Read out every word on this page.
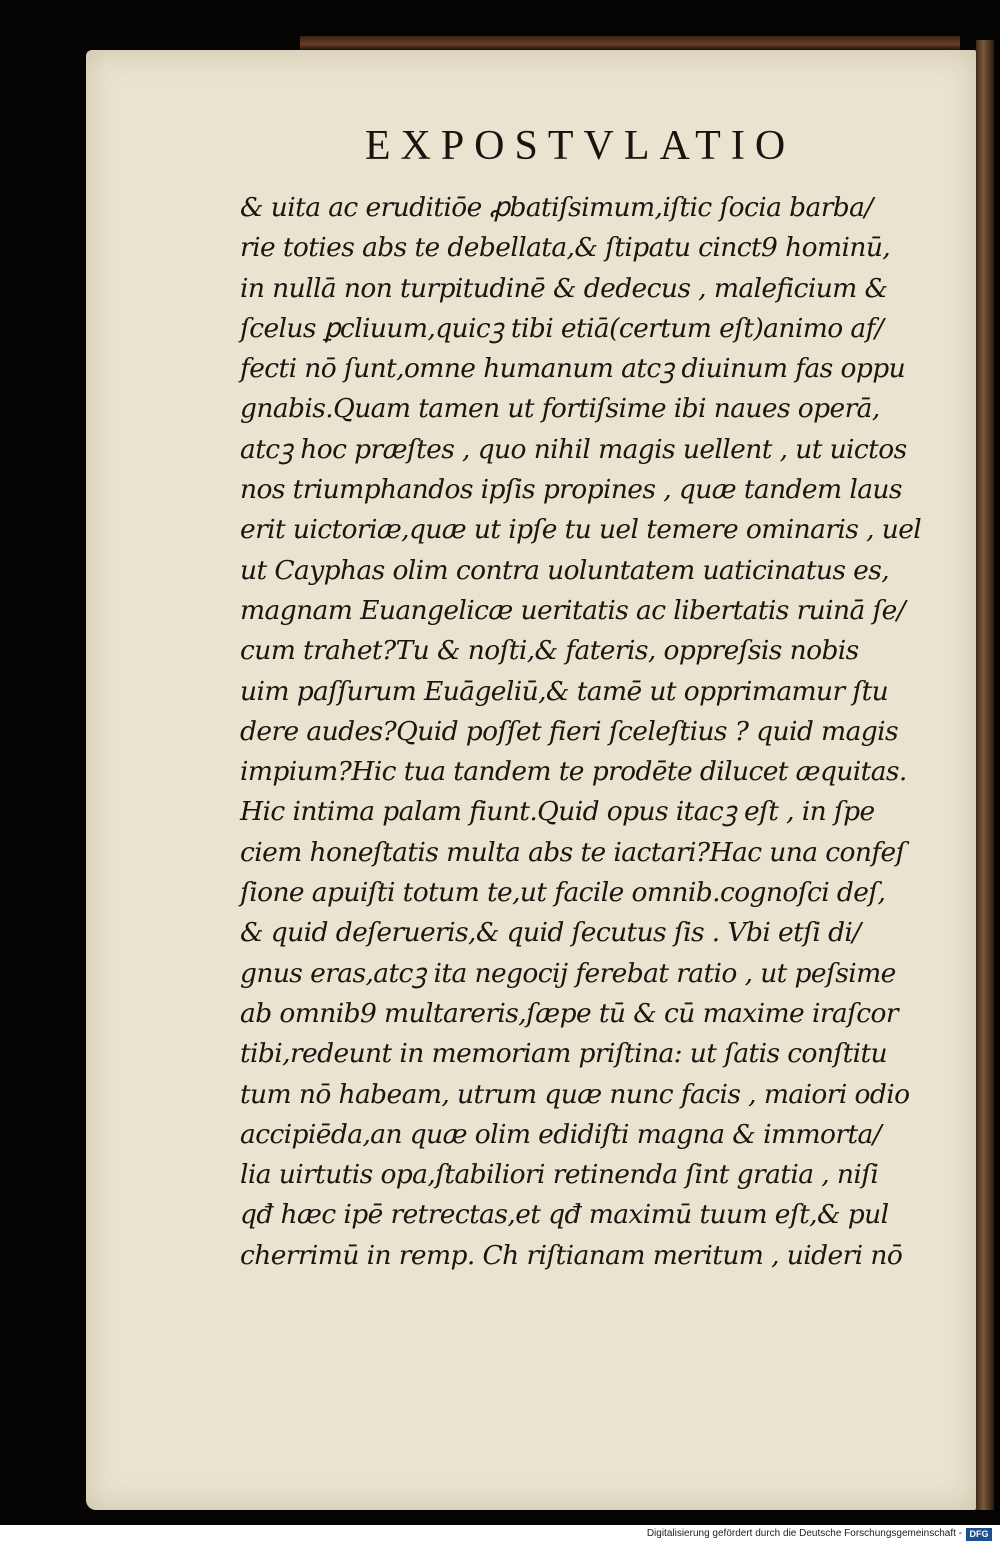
EXPOSTVLATIO
& uita ac eruditiōe ꝓbatiſsimum,iſtic ſocia barba/
rie toties abs te debellata,& ſtipatu cinct9 hominū,
in nullā non turpitudinē & dedecus , maleficium &
ſcelus ꝑcliuum,quicꝫ tibi etiā(certum eſt)animo af/
fecti nō ſunt,omne humanum atcꝫ diuinum fas oppu
gnabis.Quam tamen ut fortiſsime ibi naues operā,
atcꝫ hoc præſtes , quo nihil magis uellent , ut uictos
nos triumphandos ipſis propines , quæ tandem laus
erit uictoriæ,quæ ut ipſe tu uel temere ominaris , uel
ut Cayphas olim contra uoluntatem uaticinatus es,
magnam Euangelicæ ueritatis ac libertatis ruinā ſe/
cum trahet?Tu & noſti,& fateris, oppreſsis nobis
uim paſſurum Euāgeliū,& tamē ut opprimamur ſtu
dere audes?Quid poſſet fieri ſceleſtius ? quid magis
impium?Hic tua tandem te prodēte dilucet æquitas.
Hic intima palam fiunt.Quid opus itacꝫ eſt , in ſpe
ciem honeſtatis multa abs te iactari?Hac una confeſ
ſione apuiſti totum te,ut facile omnib.cognoſci deſ,
& quid deſerueris,& quid ſecutus ſis . Vbi etſi di/
gnus eras,atcꝫ ita negocij ferebat ratio , ut peſsime
ab omnib9 multareris,ſæpe tū & cū maxime iraſcor
tibi,redeunt in memoriam priſtina: ut ſatis conſtitu
tum nō habeam, utrum quæ nunc facis , maiori odio
accipiēda,an quæ olim edidiſti magna & immorta/
lia uirtutis opa,ſtabiliori retinenda ſint gratia , niſi
qđ hæc ipē retrectas,et qđ maximū tuum eſt,& pul
cherrimū in remp. Ch riſtianam meritum , uideri nō
Digitalisierung gefördert durch die Deutsche Forschungsgemeinschaft - DFG
